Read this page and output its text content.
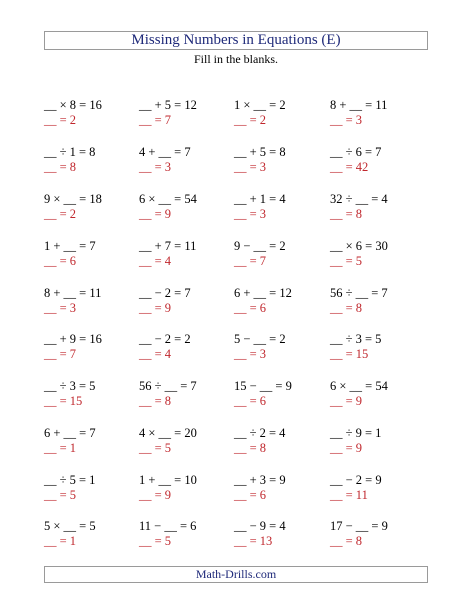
Missing Numbers in Equations (E)
Fill in the blanks.
__ × 8 = 16
__ = 2
__ + 5 = 12
__ = 7
1 × __ = 2
__ = 2
8 + __ = 11
__ = 3
__ ÷ 1 = 8
__ = 8
4 + __ = 7
__ = 3
__ + 5 = 8
__ = 3
__ ÷ 6 = 7
__ = 42
9 × __ = 18
__ = 2
6 × __ = 54
__ = 9
__ + 1 = 4
__ = 3
32 ÷ __ = 4
__ = 8
1 + __ = 7
__ = 6
__ + 7 = 11
__ = 4
9 − __ = 2
__ = 7
__ × 6 = 30
__ = 5
8 + __ = 11
__ = 3
__ − 2 = 7
__ = 9
6 + __ = 12
__ = 6
56 ÷ __ = 7
__ = 8
__ + 9 = 16
__ = 7
__ − 2 = 2
__ = 4
5 − __ = 2
__ = 3
__ ÷ 3 = 5
__ = 15
__ ÷ 3 = 5
__ = 15
56 ÷ __ = 7
__ = 8
15 − __ = 9
__ = 6
6 × __ = 54
__ = 9
6 + __ = 7
__ = 1
4 × __ = 20
__ = 5
__ ÷ 2 = 4
__ = 8
__ ÷ 9 = 1
__ = 9
__ ÷ 5 = 1
__ = 5
1 + __ = 10
__ = 9
__ + 3 = 9
__ = 6
__ − 2 = 9
__ = 11
5 × __ = 5
__ = 1
11 − __ = 6
__ = 5
__ − 9 = 4
__ = 13
17 − __ = 9
__ = 8
Math-Drills.com
